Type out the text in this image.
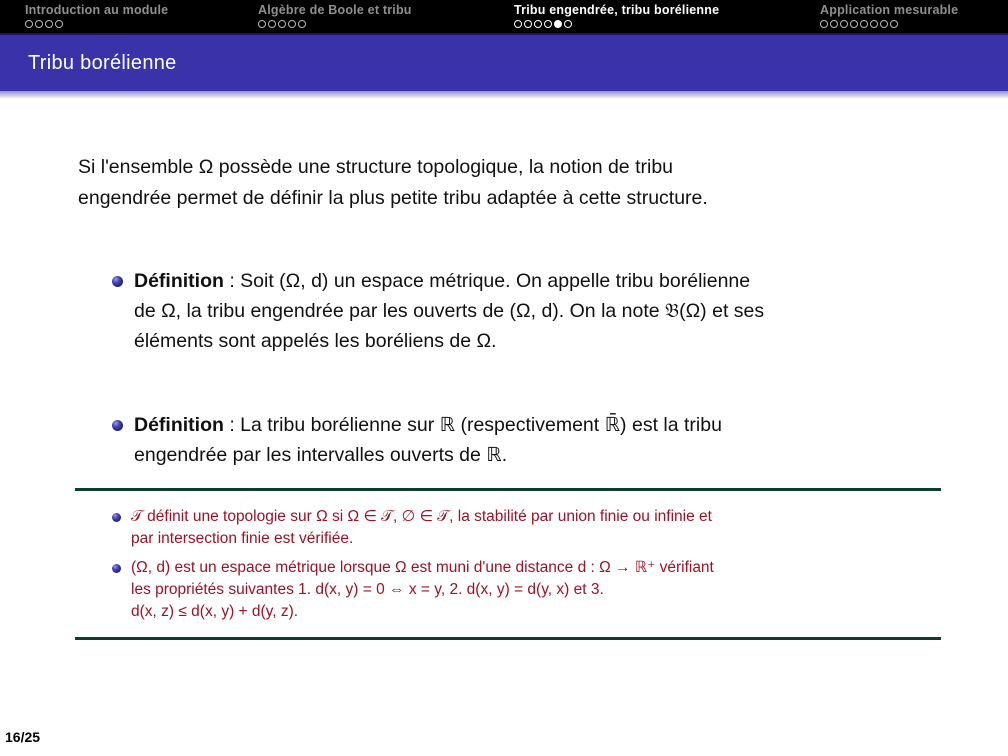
Introduction au module	Algèbre de Boole et tribu	Tribu engendrée, tribu borélienne	Application mesurable
Tribu borélienne
Si l'ensemble Ω possède une structure topologique, la notion de tribu
engendrée permet de définir la plus petite tribu adaptée à cette structure.
Définition : Soit (Ω, d) un espace métrique. On appelle tribu borélienne
de Ω, la tribu engendrée par les ouverts de (Ω, d). On la note 𝔅(Ω) et ses
éléments sont appelés les boréliens de Ω.
Définition : La tribu borélienne sur ℝ (respectivement ℝ̄) est la tribu
engendrée par les intervalles ouverts de ℝ.
𝒯 définit une topologie sur Ω si Ω ∈ 𝒯, ∅ ∈ 𝒯, la stabilité par union finie ou infinie et
par intersection finie est vérifiée.
(Ω, d) est un espace métrique lorsque Ω est muni d'une distance d : Ω → ℝ⁺ vérifiant
les propriétés suivantes 1. d(x, y) = 0 ⇔ x = y, 2. d(x, y) = d(y, x) et 3.
d(x, z) ≤ d(x, y) + d(y, z).
16/25
